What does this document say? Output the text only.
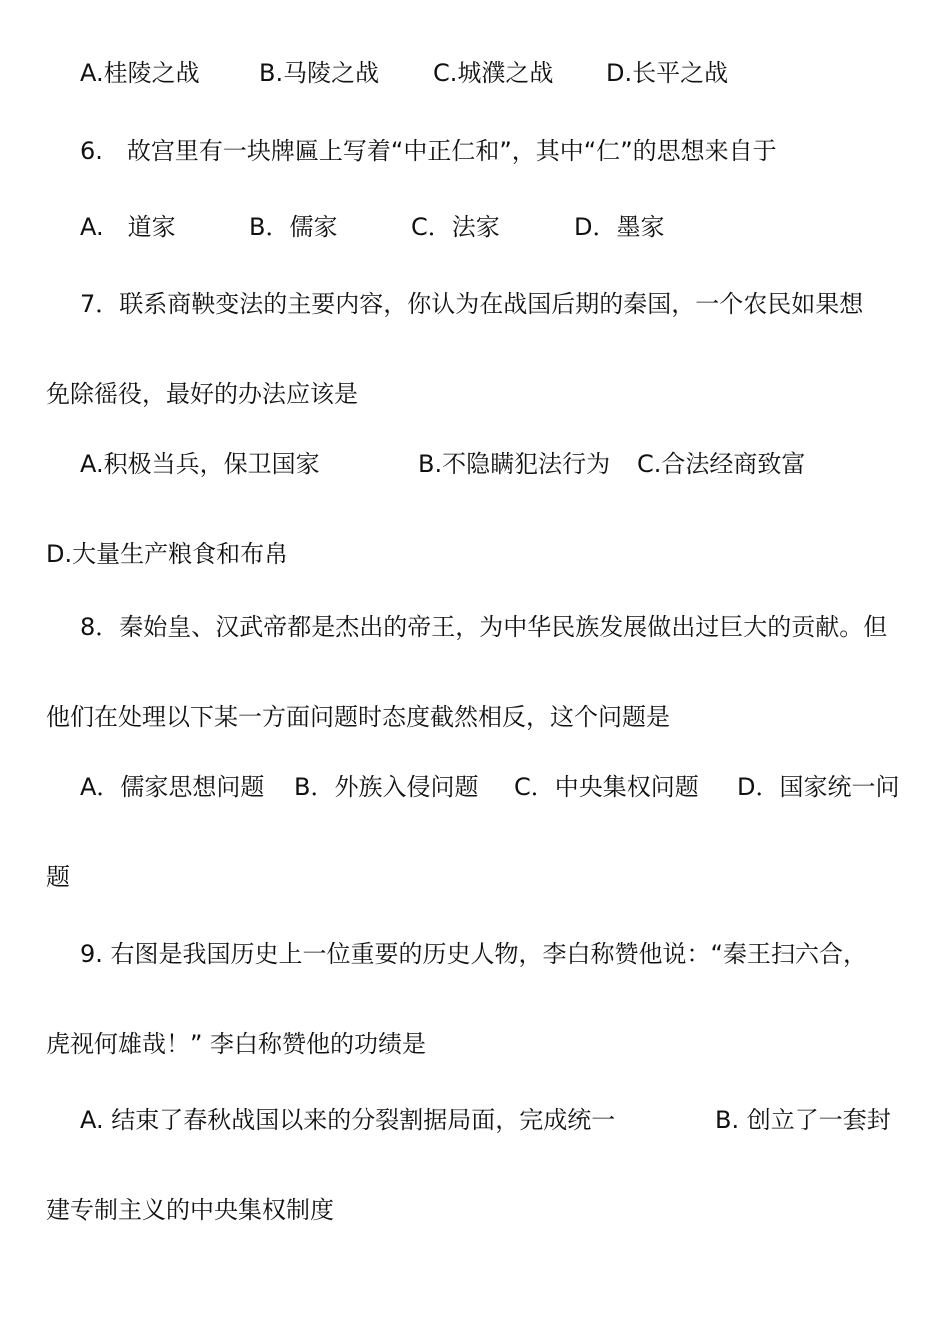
A.桂陵之战 B.马陵之战 C.城濮之战 D.长平之战
6.　故宫里有一块牌匾上写着“中正仁和”，其中“仁”的思想来自于
A.　道家	B．儒家	C．法家	D．墨家
7．联系商鞅变法的主要内容，你认为在战国后期的秦国，一个农民如果想
免除徭役，最好的办法应该是
A.积极当兵，保卫国家	B.不隐瞒犯法行为 C.合法经商致富
D.大量生产粮食和布帛
8．秦始皇、汉武帝都是杰出的帝王，为中华民族发展做出过巨大的贡献。但
他们在处理以下某一方面问题时态度截然相反，这个问题是
A．儒家思想问题 B．外族入侵问题 C．中央集权问题 D．国家统一问
题
9. 右图是我国历史上一位重要的历史人物，李白称赞他说：“秦王扫六合，
虎视何雄哉！” 李白称赞他的功绩是
A. 结束了春秋战国以来的分裂割据局面，完成统一	B. 创立了一套封
建专制主义的中央集权制度
